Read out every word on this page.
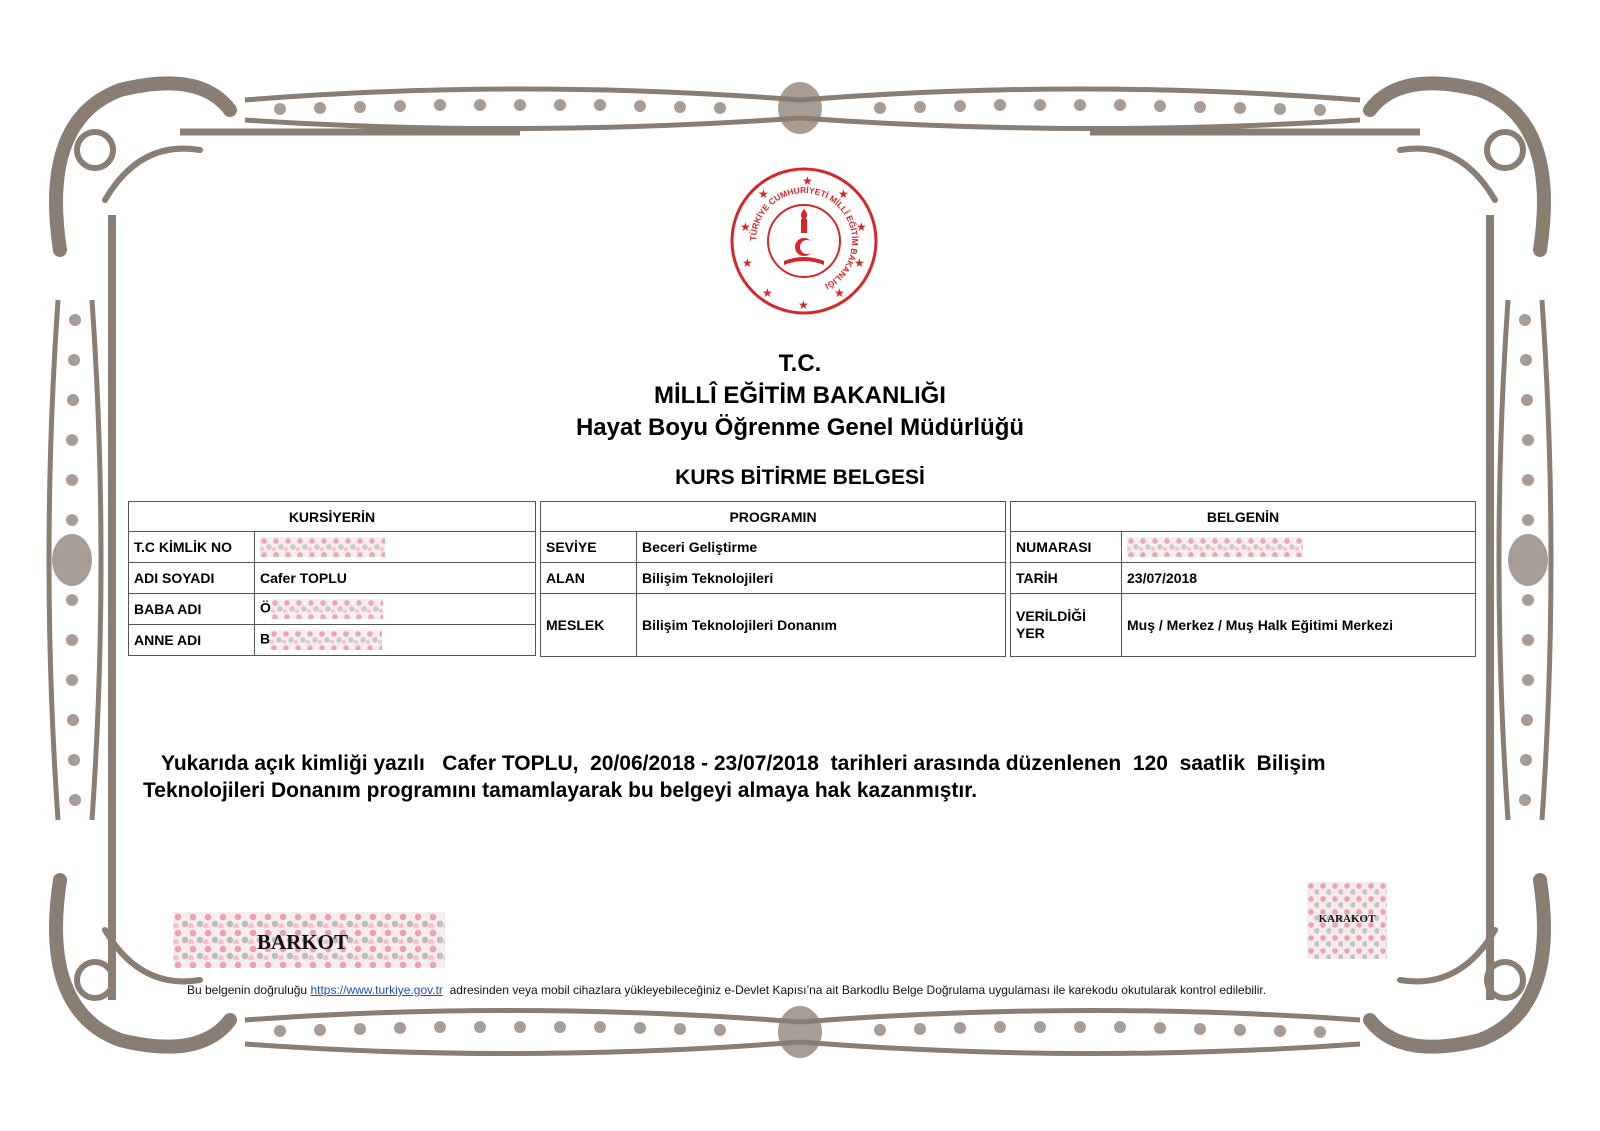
★
★
★
★
★
★
★
★
★
★
TÜRKİYE CUMHURİYETİ MİLLÎ EĞİTİM BAKANLIĞI
T.C.
MİLLÎ EĞİTİM BAKANLIĞI
Hayat Boyu Öğrenme Genel Müdürlüğü
KURS BİTİRME BELGESİ
KURSİYERİN	
T.C KİMLİK NO	
ADI SOYADI	Cafer TOPLU
BABA ADI	Ö
ANNE ADI	B
PROGRAMIN	
SEVİYE	Beceri Geliştirme
ALAN	Bilişim Teknolojileri
MESLEK	Bilişim Teknolojileri Donanım
BELGENİN	
NUMARASI	
TARİH	23/07/2018
VERİLDİĞİ
YER	Muş / Merkez / Muş Halk Eğitimi Merkezi
Yukarıda açık kimliği yazılı   Cafer TOPLU,  20/06/2018 - 23/07/2018  tarihleri arasında düzenlenen  120  saatlik  Bilişim
Teknolojileri Donanım programını tamamlayarak bu belgeyi almaya hak kazanmıştır.
BARKOT
KARAKOT
Bu belgenin doğruluğu https://www.turkiye.gov.tr  adresinden veya mobil cihazlara yükleyebileceğiniz e-Devlet Kapısı’na ait Barkodlu Belge Doğrulama uygulaması ile karekodu okutularak kontrol edilebilir.
